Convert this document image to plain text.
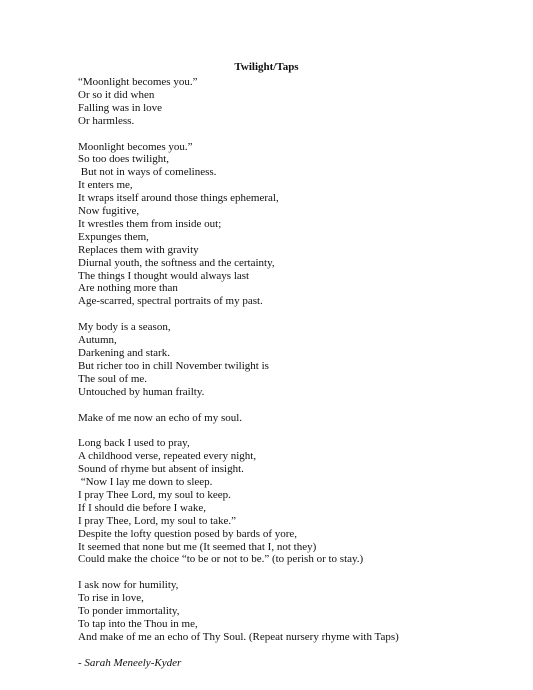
Twilight/Taps
“Moonlight becomes you.”
Or so it did when
Falling was in love
Or harmless.
Moonlight becomes you.”
So too does twilight,
But not in ways of comeliness.
It enters me,
It wraps itself around those things ephemeral,
Now fugitive,
It wrestles them from inside out;
Expunges them,
Replaces them with gravity
Diurnal youth, the softness and the certainty,
The things I thought would always last
Are nothing more than
Age-scarred, spectral portraits of my past.
My body is a season,
Autumn,
Darkening and stark.
But richer too in chill November twilight is
The soul of me.
Untouched by human frailty.
Make of me now an echo of my soul.
Long back I used to pray,
A childhood verse, repeated every night,
Sound of rhyme but absent of insight.
“Now I lay me down to sleep.
I pray Thee Lord, my soul to keep.
If I should die before I wake,
I pray Thee, Lord, my soul to take.”
Despite the lofty question posed by bards of yore,
It seemed that none but me (It seemed that I, not they)
Could make the choice “to be or not to be.” (to perish or to stay.)
I ask now for humility,
To rise in love,
To ponder immortality,
To tap into the Thou in me,
And make of me an echo of Thy Soul. (Repeat nursery rhyme with Taps)
- Sarah Meneely-Kyder
